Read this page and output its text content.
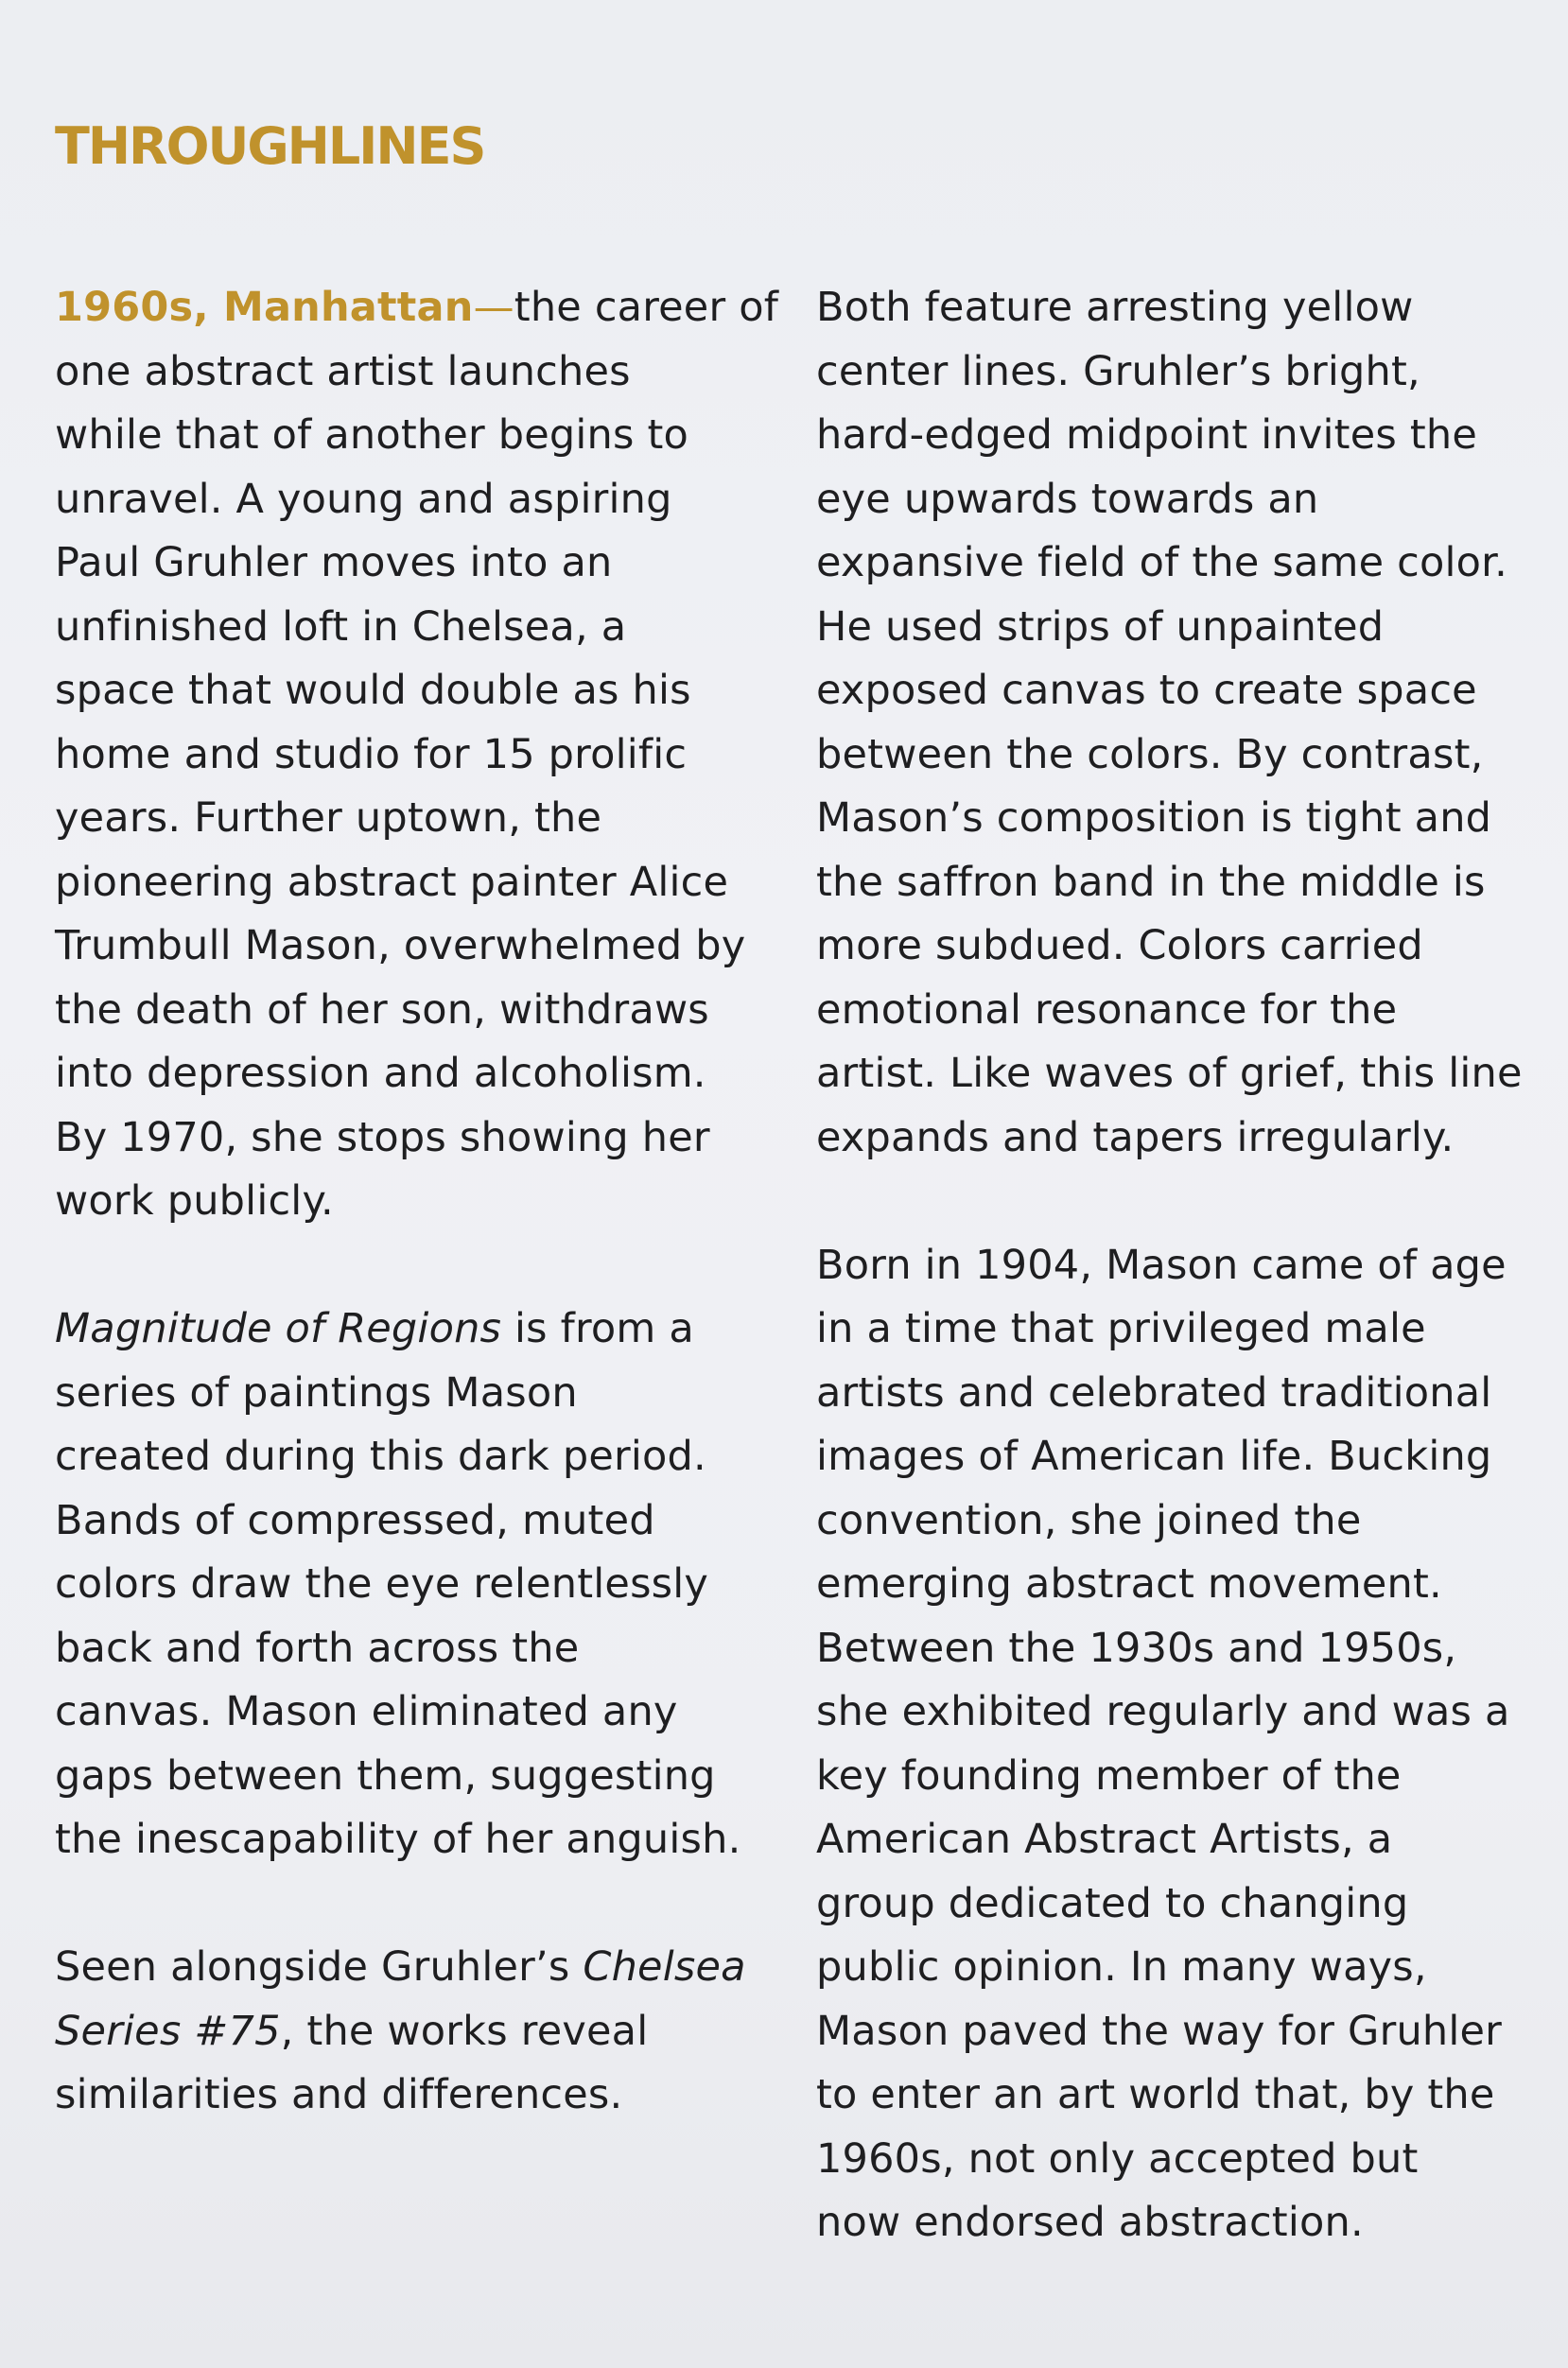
THROUGHLINES
1960s, Manhattan—the career of
one abstract artist launches
while that of another begins to
unravel. A young and aspiring
Paul Gruhler moves into an
unfinished loft in Chelsea, a
space that would double as his
home and studio for 15 prolific
years. Further uptown, the
pioneering abstract painter Alice
Trumbull Mason, overwhelmed by
the death of her son, withdraws
into depression and alcoholism.
By 1970, she stops showing her
work publicly.
Magnitude of Regions is from a
series of paintings Mason
created during this dark period.
Bands of compressed, muted
colors draw the eye relentlessly
back and forth across the
canvas. Mason eliminated any
gaps between them, suggesting
the inescapability of her anguish.
Seen alongside Gruhler’s Chelsea
Series #75, the works reveal
similarities and differences.
Both feature arresting yellow
center lines. Gruhler’s bright,
hard-edged midpoint invites the
eye upwards towards an
expansive field of the same color.
He used strips of unpainted
exposed canvas to create space
between the colors. By contrast,
Mason’s composition is tight and
the saffron band in the middle is
more subdued. Colors carried
emotional resonance for the
artist. Like waves of grief, this line
expands and tapers irregularly.
Born in 1904, Mason came of age
in a time that privileged male
artists and celebrated traditional
images of American life. Bucking
convention, she joined the
emerging abstract movement.
Between the 1930s and 1950s,
she exhibited regularly and was a
key founding member of the
American Abstract Artists, a
group dedicated to changing
public opinion. In many ways,
Mason paved the way for Gruhler
to enter an art world that, by the
1960s, not only accepted but
now endorsed abstraction.
